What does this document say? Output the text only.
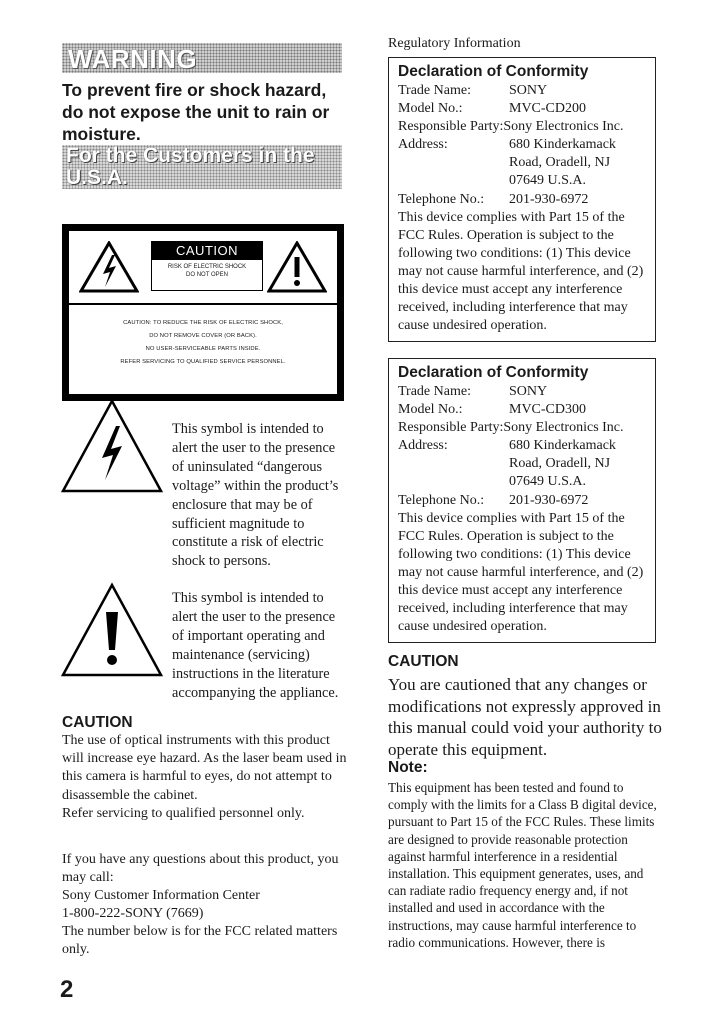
WARNING

To prevent fire or shock hazard, do not expose the unit to rain or moisture.

For the Customers in the U.S.A.
CAUTION
RISK OF ELECTRIC SHOCK
DO NOT OPEN
CAUTION: TO REDUCE THE RISK OF ELECTRIC SHOCK,
DO NOT REMOVE COVER (OR BACK).
NO USER-SERVICEABLE PARTS INSIDE.
REFER SERVICING TO QUALIFIED SERVICE PERSONNEL.

This symbol is intended to alert the user to the presence of uninsulated “dangerous voltage” within the product’s enclosure that may be of sufficient magnitude to constitute a risk of electric shock to persons.

This symbol is intended to alert the user to the presence of important operating and maintenance (servicing) instructions in the literature accompanying the appliance.

CAUTION

The use of optical instruments with this product will increase eye hazard. As the laser beam used in this camera is harmful to eyes, do not attempt to disassemble the cabinet.

Refer servicing to qualified personnel only.

If you have any questions about this product, you may call:

Sony Customer Information Center

1-800-222-SONY (7669)

The number below is for the FCC related matters only.

2
Regulatory Information
Declaration of Conformity
Trade Name:	SONY
Model No.:	MVC-CD200
Responsible Party: Sony Electronics Inc.
Address:	680 Kinderkamack
Road, Oradell, NJ
07649 U.S.A.
Telephone No.:	201-930-6972
This device complies with Part 15 of the FCC Rules. Operation is subject to the following two conditions: (1) This device may not cause harmful interference, and (2) this device must accept any interference received, including interference that may cause undesired operation.
Declaration of Conformity
Trade Name:	SONY
Model No.:	MVC-CD300
Responsible Party: Sony Electronics Inc.
Address:	680 Kinderkamack
Road, Oradell, NJ
07649 U.S.A.
Telephone No.:	201-930-6972
This device complies with Part 15 of the FCC Rules. Operation is subject to the following two conditions: (1) This device may not cause harmful interference, and (2) this device must accept any interference received, including interference that may cause undesired operation.
CAUTION

You are cautioned that any changes or modifications not expressly approved in this manual could void your authority to operate this equipment.

Note:

This equipment has been tested and found to comply with the limits for a Class B digital device, pursuant to Part 15 of the FCC Rules. These limits are designed to provide reasonable protection against harmful interference in a residential installation. This equipment generates, uses, and can radiate radio frequency energy and, if not installed and used in accordance with the instructions, may cause harmful interference to radio communications. However, there is
